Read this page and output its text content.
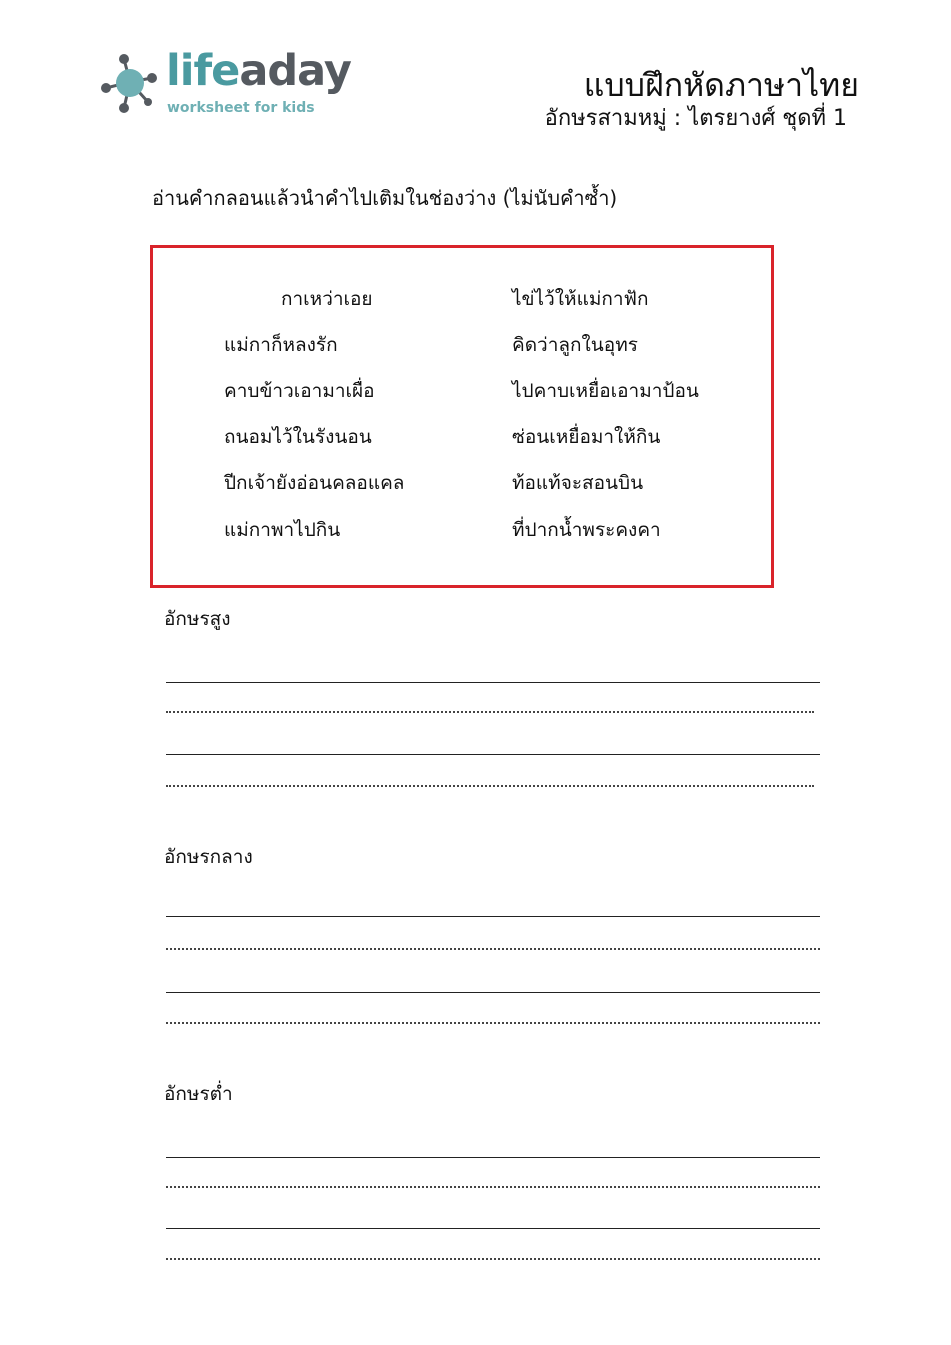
lifeaday
worksheet for kids
แบบฝึกหัดภาษาไทย
อักษรสามหมู่ : ไตรยางศ์ ชุดที่ 1
อ่านคำกลอนแล้วนำคำไปเติมในช่องว่าง (ไม่นับคำซ้ำ)
กาเหว่าเอย
แม่กาก็หลงรัก
คาบข้าวเอามาเผื่อ
ถนอมไว้ในรังนอน
ปีกเจ้ายังอ่อนคลอแคล
แม่กาพาไปกิน
ไข่ไว้ให้แม่กาฟัก
คิดว่าลูกในอุทร
ไปคาบเหยื่อเอามาป้อน
ซ่อนเหยื่อมาให้กิน
ท้อแท้จะสอนบิน
ที่ปากน้ำพระคงคา
อักษรสูง
อักษรกลาง
อักษรต่ำ
